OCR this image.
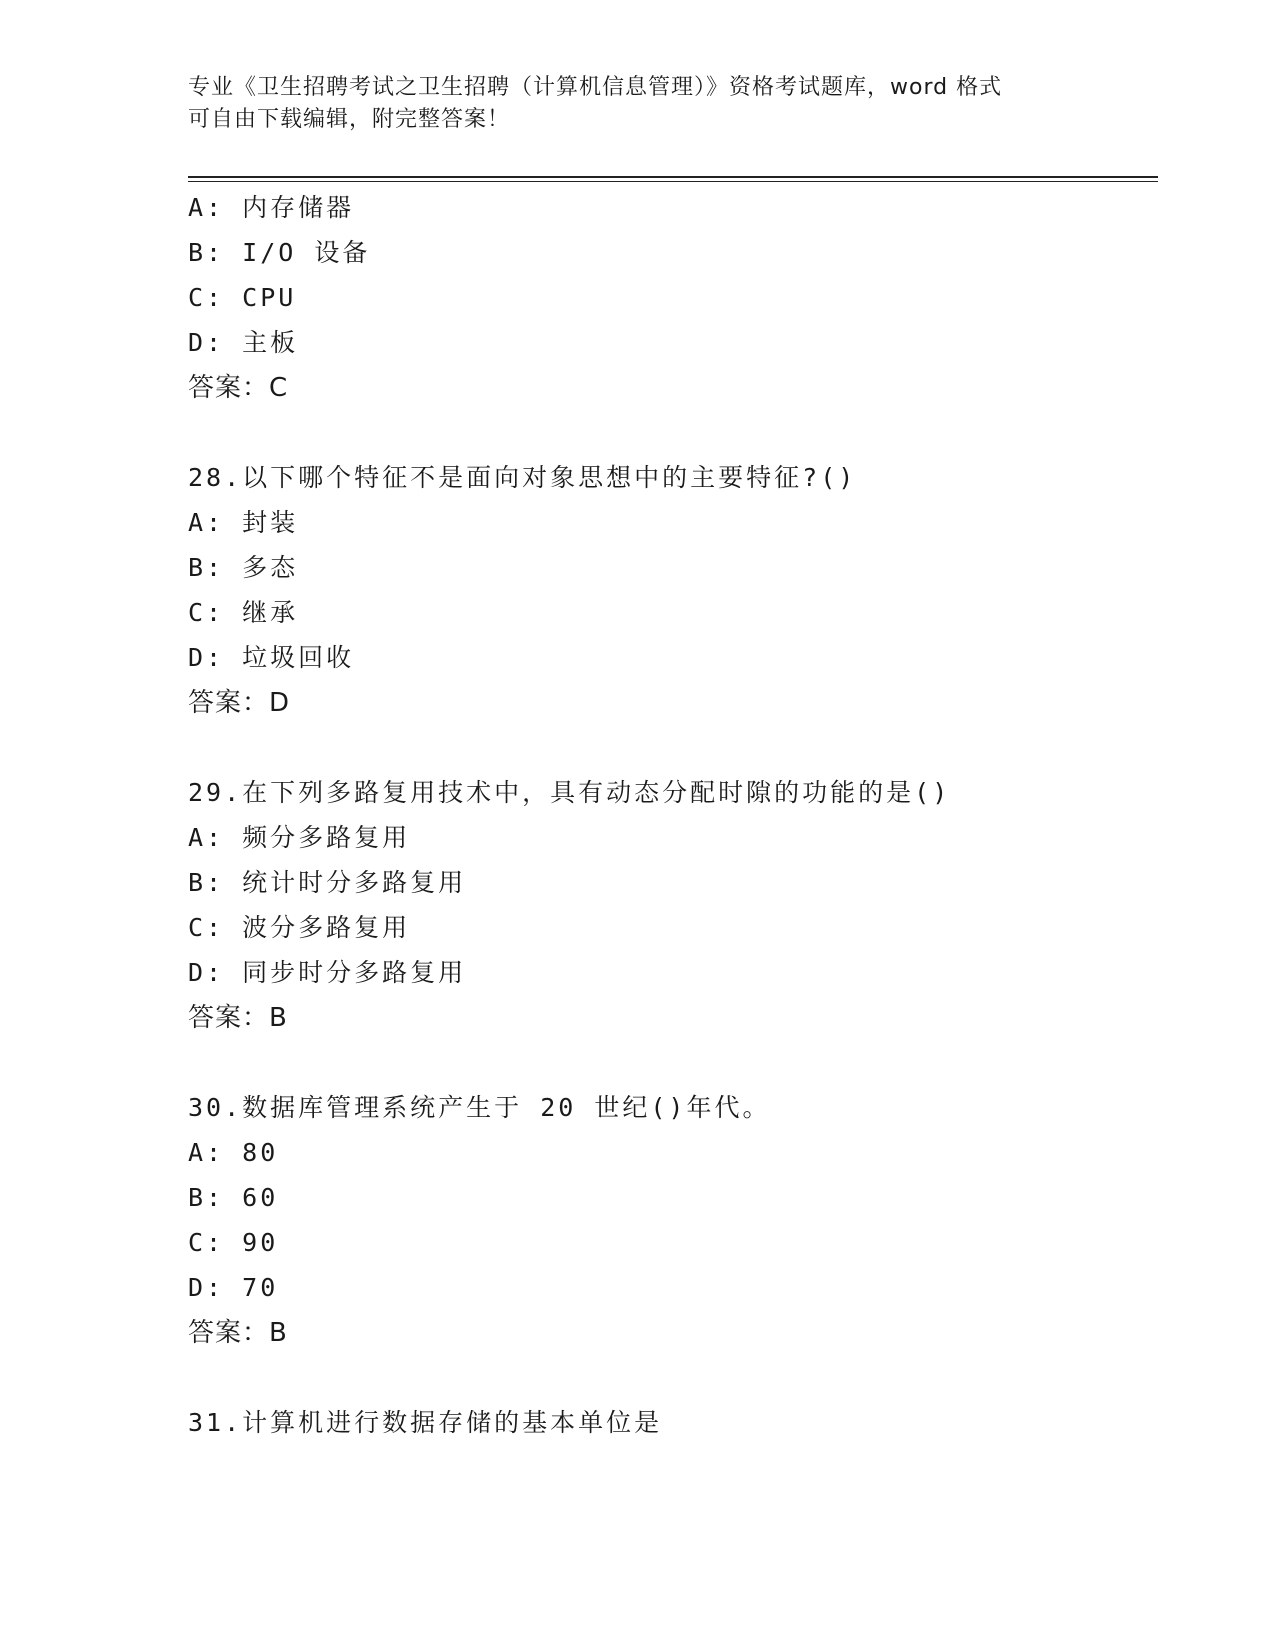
专业《卫生招聘考试之卫生招聘（计算机信息管理）》资格考试题库，word 格式
可自由下载编辑，附完整答案！
A: 内存储器
B: I/O 设备
C: CPU
D: 主板
答案：C
28.以下哪个特征不是面向对象思想中的主要特征?()
A: 封装
B: 多态
C: 继承
D: 垃圾回收
答案：D
29.在下列多路复用技术中，具有动态分配时隙的功能的是()
A: 频分多路复用
B: 统计时分多路复用
C: 波分多路复用
D: 同步时分多路复用
答案：B
30.数据库管理系统产生于 20 世纪()年代。
A: 80
B: 60
C: 90
D: 70
答案：B
31.计算机进行数据存储的基本单位是
